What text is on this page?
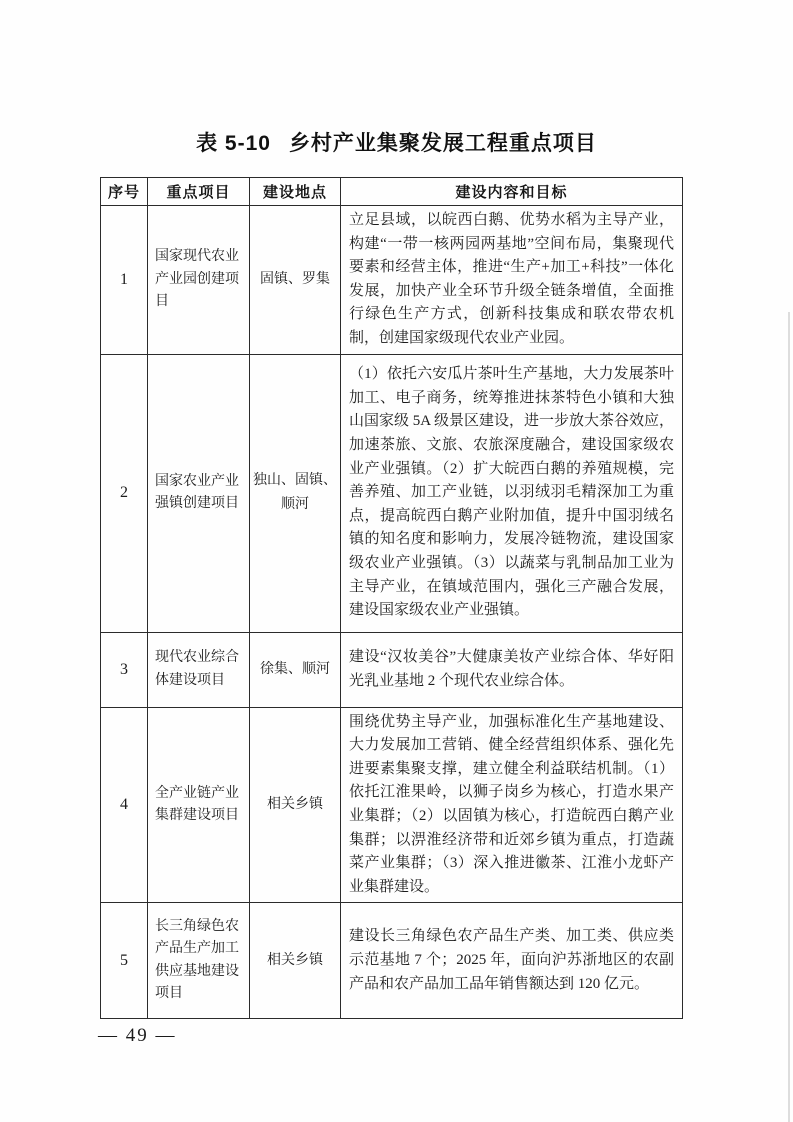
表 5-10 乡村产业集聚发展工程重点项目
序号	重点项目	建设地点	建设内容和目标
1	国家现代农业产业园创建项目	固镇、罗集	立足县域，以皖西白鹅、优势水稻为主导产业，构建“一带一核两园两基地”空间布局，集聚现代要素和经营主体，推进“生产+加工+科技”一体化发展，加快产业全环节升级全链条增值，全面推行绿色生产方式，创新科技集成和联农带农机制，创建国家级现代农业产业园。
2	国家农业产业强镇创建项目	独山、固镇、顺河	（1）依托六安瓜片茶叶生产基地，大力发展茶叶加工、电子商务，统筹推进抹茶特色小镇和大独山国家级 5A 级景区建设，进一步放大茶谷效应，加速茶旅、文旅、农旅深度融合，建设国家级农业产业强镇。（2）扩大皖西白鹅的养殖规模，完善养殖、加工产业链，以羽绒羽毛精深加工为重点，提高皖西白鹅产业附加值，提升中国羽绒名镇的知名度和影响力，发展冷链物流，建设国家级农业产业强镇。（3）以蔬菜与乳制品加工业为主导产业，在镇域范围内，强化三产融合发展，建设国家级农业产业强镇。
3	现代农业综合体建设项目	徐集、顺河	建设“汉妆美谷”大健康美妆产业综合体、华好阳光乳业基地 2 个现代农业综合体。
4	全产业链产业集群建设项目	相关乡镇	围绕优势主导产业，加强标准化生产基地建设、大力发展加工营销、健全经营组织体系、强化先进要素集聚支撑，建立健全利益联结机制。（1）依托江淮果岭，以狮子岗乡为核心，打造水果产业集群；（2）以固镇为核心，打造皖西白鹅产业集群；以淠淮经济带和近郊乡镇为重点，打造蔬菜产业集群；（3）深入推进徽茶、江淮小龙虾产业集群建设。
5	长三角绿色农产品生产加工供应基地建设项目	相关乡镇	建设长三角绿色农产品生产类、加工类、供应类示范基地 7 个；2025 年，面向沪苏浙地区的农副产品和农产品加工品年销售额达到 120 亿元。
— 49 —
